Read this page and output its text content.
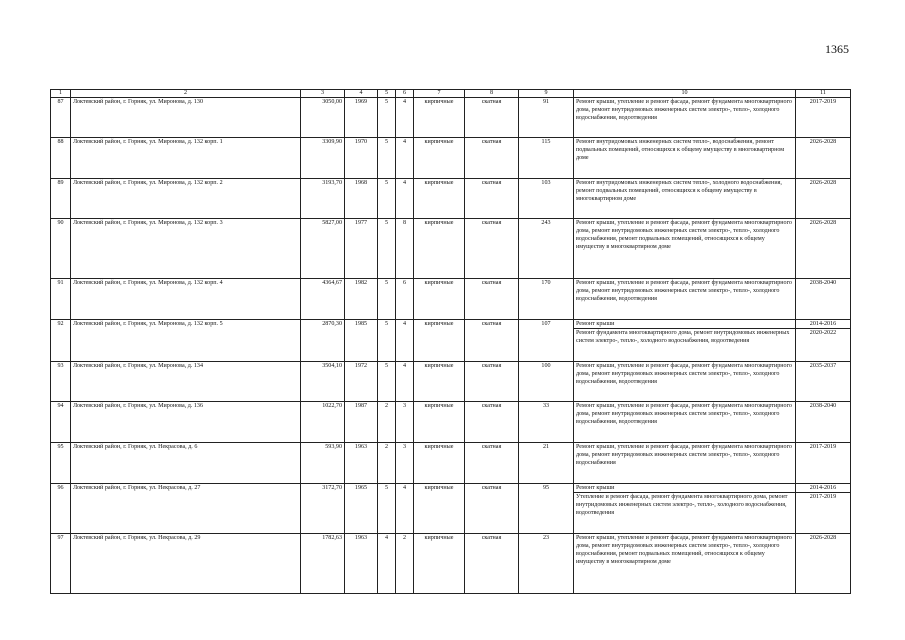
1365
1	2	3	4	5	6	7	8	9	10	11
87	Локтевский район, г. Горняк, ул. Миронова, д. 130	3050,00	1969	5	4	кирпичные	скатная	91	Ремонт крыши, утепление и ремонт фасада, ремонт фундамента многоквартирного дома, ремонт внутридомовых инженерных систем электро-, тепло-, холодного водоснабжения, водоотведения	2017-2019
88	Локтевский район, г. Горняк, ул. Миронова, д. 132 корп. 1	3309,90	1970	5	4	кирпичные	скатная	115	Ремонт внутридомовых инженерных систем тепло-, водоснабжения, ремонт подвальных помещений, относящихся к общему имуществу в многоквартирном доме	2026-2028
89	Локтевский район, г. Горняк, ул. Миронова, д. 132 корп. 2	3193,70	1968	5	4	кирпичные	скатная	103	Ремонт внутридомовых инженерных систем тепло-, холодного водоснабжения, ремонт подвальных помещений, относящихся к общему имуществу в многоквартирном доме	2026-2028
90	Локтевский район, г. Горняк, ул. Миронова, д. 132 корп. 3	5827,00	1977	5	8	кирпичные	скатная	243	Ремонт крыши, утепление и ремонт фасада, ремонт фундамента многоквартирного дома, ремонт внутридомовых инженерных систем электро-, тепло-, холодного водоснабжения, ремонт подвальных помещений, относящихся к общему имуществу в многоквартирном доме	2026-2028
91	Локтевский район, г. Горняк, ул. Миронова, д. 132 корп. 4	4364,67	1982	5	6	кирпичные	скатная	170	Ремонт крыши, утепление и ремонт фасада, ремонт фундамента многоквартирного дома, ремонт внутридомовых инженерных систем электро-, тепло-, холодного водоснабжения, водоотведения	2038-2040
92	Локтевский район, г. Горняк, ул. Миронова, д. 132 корп. 5	2870,30	1985	5	4	кирпичные	скатная	107	Ремонт крыши	2014-2016
									Ремонт фундамента многоквартирного дома, ремонт внутридомовых инженерных систем электро-, тепло-, холодного водоснабжения, водоотведения	2020-2022
93	Локтевский район, г. Горняк, ул. Миронова, д. 134	3504,10	1972	5	4	кирпичные	скатная	100	Ремонт крыши, утепление и ремонт фасада, ремонт фундамента многоквартирного дома, ремонт внутридомовых инженерных систем электро-, тепло-, холодного водоснабжения, водоотведения	2035-2037
94	Локтевский район, г. Горняк, ул. Миронова, д. 136	1022,70	1987	2	3	кирпичные	скатная	33	Ремонт крыши, утепление и ремонт фасада, ремонт фундамента многоквартирного дома, ремонт внутридомовых инженерных систем электро-, тепло-, холодного водоснабжения, водоотведения	2038-2040
95	Локтевский район, г. Горняк, ул. Некрасова, д. 6	593,90	1963	2	3	кирпичные	скатная	21	Ремонт крыши, утепление и ремонт фасада, ремонт фундамента многоквартирного дома, ремонт внутридомовых инженерных систем электро-, тепло-, холодного водоснабжения	2017-2019
96	Локтевский район, г. Горняк, ул. Некрасова, д. 27	3172,70	1965	5	4	кирпичные	скатная	95	Ремонт крыши	2014-2016
									Утепление и ремонт фасада, ремонт фундамента многоквартирного дома, ремонт внутридомовых инженерных систем электро-, тепло-, холодного водоснабжения, водоотведения	2017-2019
97	Локтевский район, г. Горняк, ул. Некрасова, д. 29	1782,63	1963	4	2	кирпичные	скатная	23	Ремонт крыши, утепление и ремонт фасада, ремонт фундамента многоквартирного дома, ремонт внутридомовых инженерных систем электро-, тепло-, холодного водоснабжения, ремонт подвальных помещений, относящихся к общему имуществу в многоквартирном доме	2026-2028
